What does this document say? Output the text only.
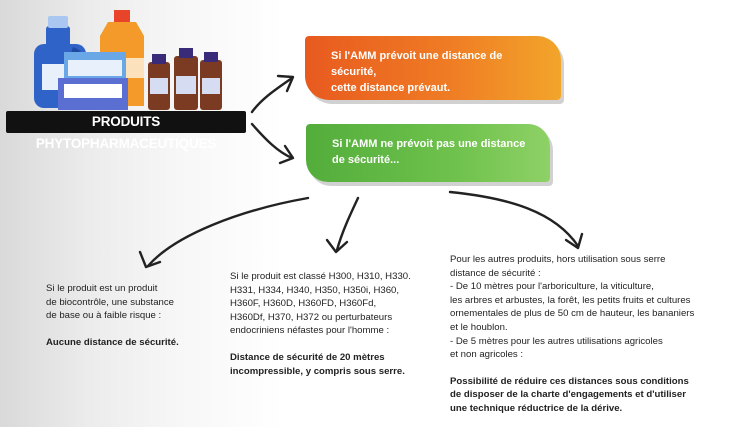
PRODUITS PHYTOPHARMACEUTIQUES
Si l'AMM prévoit une distance de sécurité,
cette distance prévaut.
Si l'AMM ne prévoit pas une distance
de sécurité...
Si le produit est un produit
de biocontrôle, une substance
de base ou à faible risque :
Aucune distance de sécurité.
Si le produit est classé H300, H310, H330.
H331, H334, H340, H350, H350i, H360,
H360F, H360D, H360FD, H360Fd,
H360Df, H370, H372 ou perturbateurs
endocriniens néfastes pour l'homme :
Distance de sécurité de 20 mètres
incompressible, y compris sous serre.
Pour les autres produits, hors utilisation sous serre
distance de sécurité :
- De 10 mètres pour l'arboriculture, la viticulture,
les arbres et arbustes, la forêt, les petits fruits et cultures
ornementales de plus de 50 cm de hauteur, les bananiers
et le houblon.
- De 5 mètres pour les autres utilisations agricoles
et non agricoles :
Possibilité de réduire ces distances sous conditions
de disposer de la charte d'engagements et d'utiliser
une technique réductrice de la dérive.
